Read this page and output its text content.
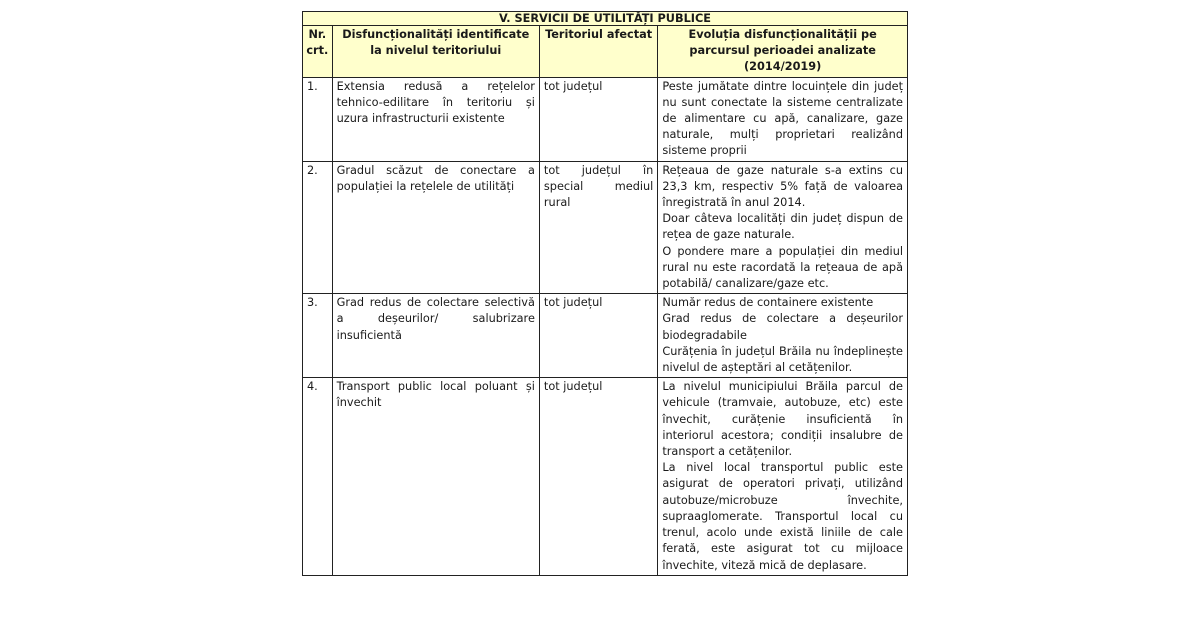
V. SERVICII DE UTILITĂȚI PUBLICE			
Nr. crt.	Disfuncționalități identificate la nivelul teritoriului	Teritoriul afectat	Evoluția disfuncționalității pe parcursul perioadei analizate (2014/2019)
1.	Extensia redusă a rețelelor tehnico-edilitare în teritoriu și uzura infrastructurii existente	tot județul	Peste jumătate dintre locuințele din județ nu sunt conectate la sisteme centralizate de alimentare cu apă, canalizare, gaze naturale, mulți proprietari realizând sisteme proprii

2.	Gradul scăzut de conectare a populației la rețelele de utilități	tot județul în special mediul rural	Rețeaua de gaze naturale s-a extins cu 23,3 km, respectiv 5% față de valoarea înregistrată în anul 2014.
Doar câteva localități din județ dispun de rețea de gaze naturale.
O pondere mare a populației din mediul rural nu este racordată la rețeaua de apă potabilă/ canalizare/gaze etc.

3.	Grad redus de colectare selectivă a deșeurilor/ salubrizare insuficientă	tot județul	Număr redus de containere existente
Grad redus de colectare a deșeurilor biodegradabile
Curățenia în județul Brăila nu îndeplinește nivelul de așteptări al cetățenilor.

4.	Transport public local poluant și învechit	tot județul	La nivelul municipiului Brăila parcul de vehicule (tramvaie, autobuze, etc) este învechit, curățenie insuficientă în interiorul acestora; condiții insalubre de transport a cetățenilor.
La nivel local transportul public este asigurat de operatori privați, utilizând autobuze/microbuze învechite, supraaglomerate. Transportul local cu trenul, acolo unde există liniile de cale ferată, este asigurat tot cu mijloace învechite, viteză mică de deplasare.
